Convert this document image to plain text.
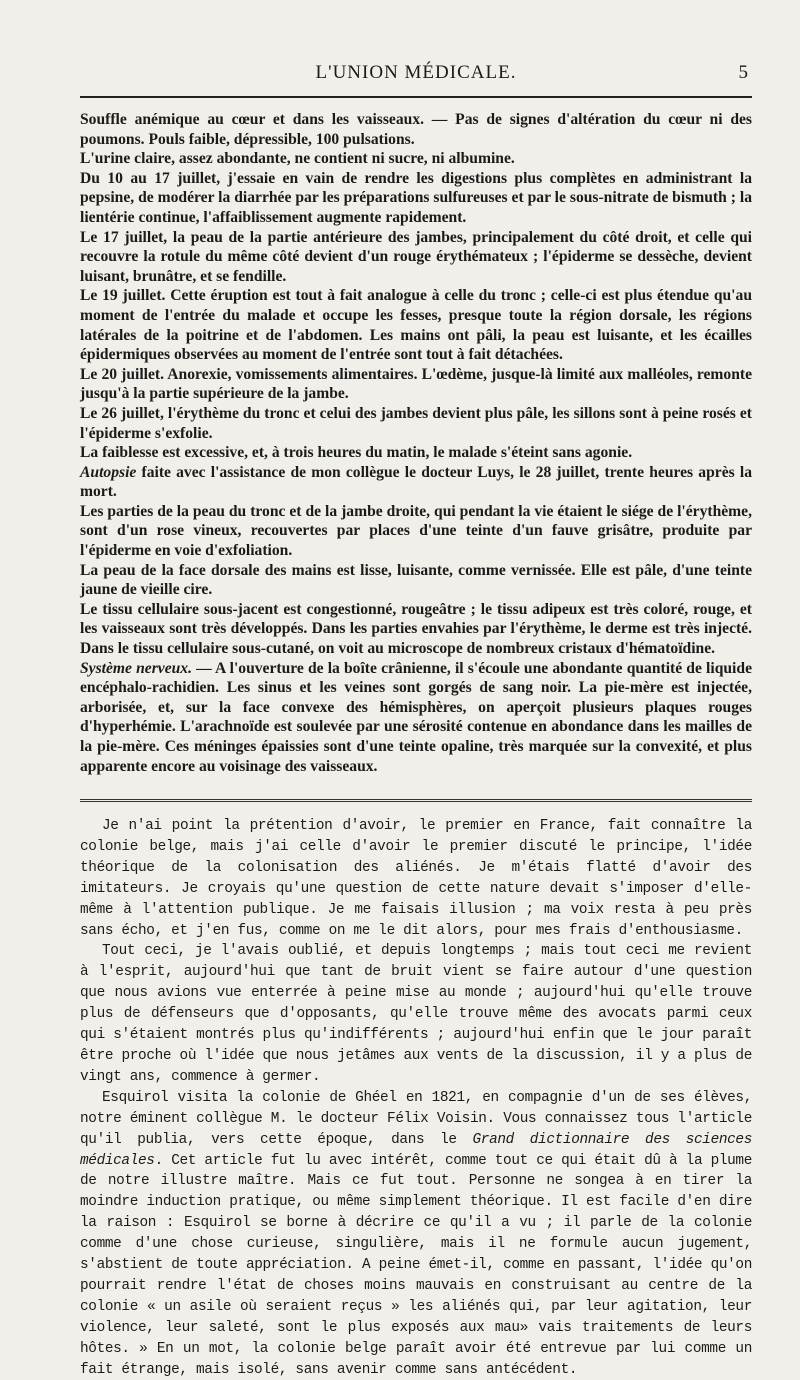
L'UNION MÉDICALE.	5

Souffle anémique au cœur et dans les vaisseaux. — Pas de signes d'altération du cœur ni des poumons. Pouls faible, dépressible, 100 pulsations.

L'urine claire, assez abondante, ne contient ni sucre, ni albumine.

Du 10 au 17 juillet, j'essaie en vain de rendre les digestions plus complètes en administrant la pepsine, de modérer la diarrhée par les préparations sulfureuses et par le sous-nitrate de bismuth ; la lientérie continue, l'affaiblissement augmente rapidement.

Le 17 juillet, la peau de la partie antérieure des jambes, principalement du côté droit, et celle qui recouvre la rotule du même côté devient d'un rouge érythémateux ; l'épiderme se dessèche, devient luisant, brunâtre, et se fendille.

Le 19 juillet. Cette éruption est tout à fait analogue à celle du tronc ; celle-ci est plus étendue qu'au moment de l'entrée du malade et occupe les fesses, presque toute la région dorsale, les régions latérales de la poitrine et de l'abdomen. Les mains ont pâli, la peau est luisante, et les écailles épidermiques observées au moment de l'entrée sont tout à fait détachées.

Le 20 juillet. Anorexie, vomissements alimentaires. L'œdème, jusque-là limité aux malléoles, remonte jusqu'à la partie supérieure de la jambe.

Le 26 juillet, l'érythème du tronc et celui des jambes devient plus pâle, les sillons sont à peine rosés et l'épiderme s'exfolie.

La faiblesse est excessive, et, à trois heures du matin, le malade s'éteint sans agonie.

Autopsie faite avec l'assistance de mon collègue le docteur Luys, le 28 juillet, trente heures après la mort.

Les parties de la peau du tronc et de la jambe droite, qui pendant la vie étaient le siége de l'érythème, sont d'un rose vineux, recouvertes par places d'une teinte d'un fauve grisâtre, produite par l'épiderme en voie d'exfoliation.

La peau de la face dorsale des mains est lisse, luisante, comme vernissée. Elle est pâle, d'une teinte jaune de vieille cire.

Le tissu cellulaire sous-jacent est congestionné, rougeâtre ; le tissu adipeux est très coloré, rouge, et les vaisseaux sont très développés. Dans les parties envahies par l'érythème, le derme est très injecté. Dans le tissu cellulaire sous-cutané, on voit au microscope de nombreux cristaux d'hématoïdine.

Système nerveux. — A l'ouverture de la boîte crânienne, il s'écoule une abondante quantité de liquide encéphalo-rachidien. Les sinus et les veines sont gorgés de sang noir. La pie-mère est injectée, arborisée, et, sur la face convexe des hémisphères, on aperçoit plusieurs plaques rouges d'hyperhémie. L'arachnoïde est soulevée par une sérosité contenue en abondance dans les mailles de la pie-mère. Ces méninges épaissies sont d'une teinte opaline, très marquée sur la convexité, et plus apparente encore au voisinage des vaisseaux.

Je n'ai point la prétention d'avoir, le premier en France, fait connaître la colonie belge, mais j'ai celle d'avoir le premier discuté le principe, l'idée théorique de la colonisation des aliénés. Je m'étais flatté d'avoir des imitateurs. Je croyais qu'une question de cette nature devait s'imposer d'elle-même à l'attention publique. Je me faisais illusion ; ma voix resta à peu près sans écho, et j'en fus, comme on me le dit alors, pour mes frais d'enthousiasme.

Tout ceci, je l'avais oublié, et depuis longtemps ; mais tout ceci me revient à l'esprit, aujourd'hui que tant de bruit vient se faire autour d'une question que nous avions vue enterrée à peine mise au monde ; aujourd'hui qu'elle trouve plus de défenseurs que d'opposants, qu'elle trouve même des avocats parmi ceux qui s'étaient montrés plus qu'indifférents ; aujourd'hui enfin que le jour paraît être proche où l'idée que nous jetâmes aux vents de la discussion, il y a plus de vingt ans, commence à germer.

Esquirol visita la colonie de Ghéel en 1821, en compagnie d'un de ses élèves, notre éminent collègue M. le docteur Félix Voisin. Vous connaissez tous l'article qu'il publia, vers cette époque, dans le Grand dictionnaire des sciences médicales. Cet article fut lu avec intérêt, comme tout ce qui était dû à la plume de notre illustre maître. Mais ce fut tout. Personne ne songea à en tirer la moindre induction pratique, ou même simplement théorique. Il est facile d'en dire la raison : Esquirol se borne à décrire ce qu'il a vu ; il parle de la colonie comme d'une chose curieuse, singulière, mais il ne formule aucun jugement, s'abstient de toute appréciation. A peine émet-il, comme en passant, l'idée qu'on pourrait rendre l'état de choses moins mauvais en construisant au centre de la colonie « un asile où seraient reçus » les aliénés qui, par leur agitation, leur violence, leur saleté, sont le plus exposés aux mau» vais traitements de leurs hôtes. » En un mot, la colonie belge paraît avoir été entrevue par lui comme un fait étrange, mais isolé, sans avenir comme sans antécédent.
